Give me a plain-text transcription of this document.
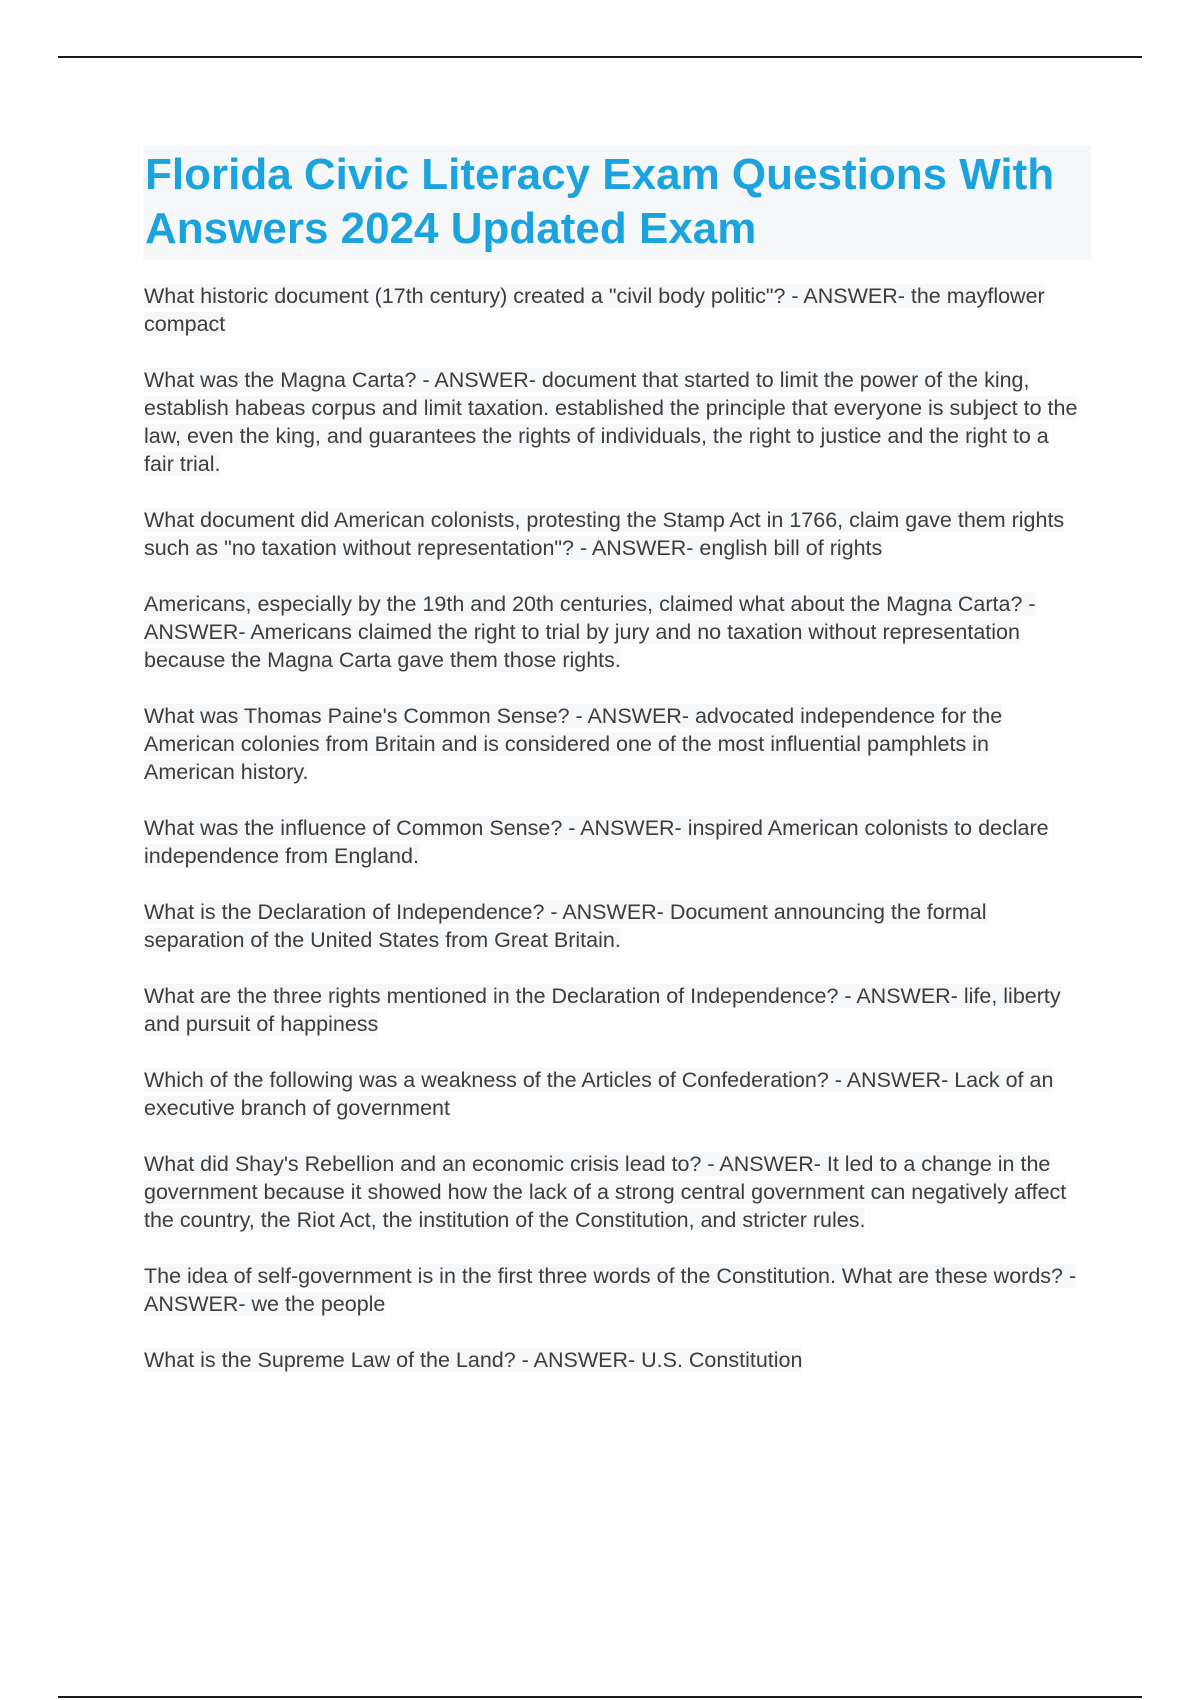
Florida Civic Literacy Exam Questions With Answers 2024 Updated Exam

What historic document (17th century) created a "civil body politic"? - ANSWER- the mayflower compact

What was the Magna Carta? - ANSWER- document that started to limit the power of the king, establish habeas corpus and limit taxation. established the principle that everyone is subject to the law, even the king, and guarantees the rights of individuals, the right to justice and the right to a fair trial.

What document did American colonists, protesting the Stamp Act in 1766, claim gave them rights such as "no taxation without representation"? - ANSWER- english bill of rights

Americans, especially by the 19th and 20th centuries, claimed what about the Magna Carta? - ANSWER- Americans claimed the right to trial by jury and no taxation without representation because the Magna Carta gave them those rights.

What was Thomas Paine's Common Sense? - ANSWER- advocated independence for the American colonies from Britain and is considered one of the most influential pamphlets in American history.

What was the influence of Common Sense? - ANSWER- inspired American colonists to declare independence from England.

What is the Declaration of Independence? - ANSWER- Document announcing the formal separation of the United States from Great Britain.

What are the three rights mentioned in the Declaration of Independence? - ANSWER- life, liberty and pursuit of happiness

Which of the following was a weakness of the Articles of Confederation? - ANSWER- Lack of an executive branch of government

What did Shay's Rebellion and an economic crisis lead to? - ANSWER- It led to a change in the government because it showed how the lack of a strong central government can negatively affect the country, the Riot Act, the institution of the Constitution, and stricter rules.

The idea of self-government is in the first three words of the Constitution. What are these words? - ANSWER- we the people

What is the Supreme Law of the Land? - ANSWER- U.S. Constitution
